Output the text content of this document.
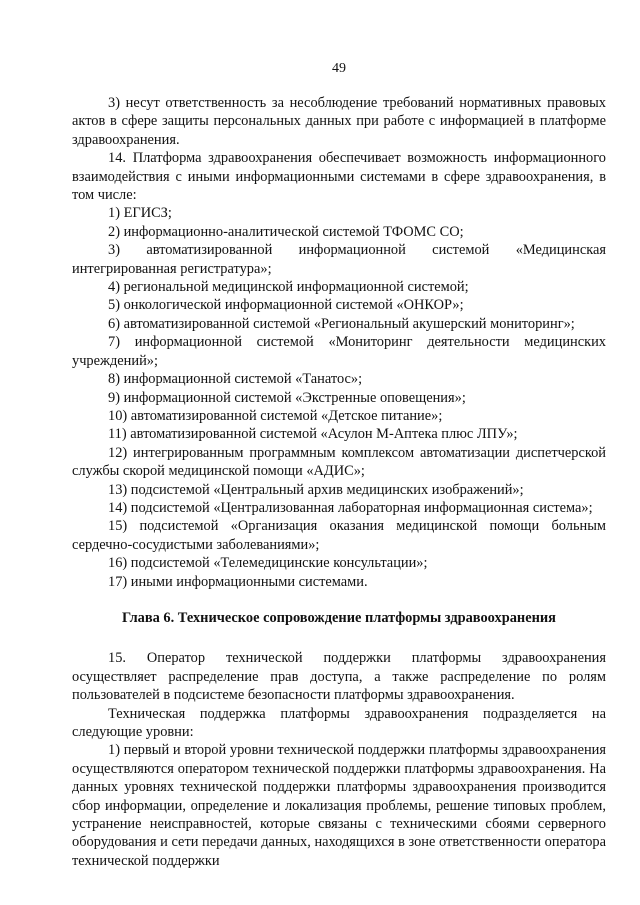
49

3) несут ответственность за несоблюдение требований нормативных правовых актов в сфере защиты персональных данных при работе с информацией в платформе здравоохранения.

14. Платформа здравоохранения обеспечивает возможность информационного взаимодействия с иными информационными системами в сфере здравоохранения, в том числе:

1) ЕГИСЗ;

2) информационно-аналитической системой ТФОМС СО;

3) автоматизированной информационной системой «Медицинская интегрированная регистратура»;

4) региональной медицинской информационной системой;

5) онкологической информационной системой «ОНКОР»;

6) автоматизированной системой «Региональный акушерский мониторинг»;

7) информационной системой «Мониторинг деятельности медицинских учреждений»;

8) информационной системой «Танатос»;

9) информационной системой «Экстренные оповещения»;

10) автоматизированной системой «Детское питание»;

11) автоматизированной системой «Асулон М-Аптека плюс ЛПУ»;

12) интегрированным программным комплексом автоматизации диспетчерской службы скорой медицинской помощи «АДИС»;

13) подсистемой «Центральный архив медицинских изображений»;

14) подсистемой «Централизованная лабораторная информационная система»;

15) подсистемой «Организация оказания медицинской помощи больным сердечно-сосудистыми заболеваниями»;

16) подсистемой «Телемедицинские консультации»;

17) иными информационными системами.

Глава 6. Техническое сопровождение платформы здравоохранения

15. Оператор технической поддержки платформы здравоохранения осуществляет распределение прав доступа, а также распределение по ролям пользователей в подсистеме безопасности платформы здравоохранения.

Техническая поддержка платформы здравоохранения подразделяется на следующие уровни:

1) первый и второй уровни технической поддержки платформы здравоохранения осуществляются оператором технической поддержки платформы здравоохранения. На данных уровнях технической поддержки платформы здравоохранения производится сбор информации, определение и локализация проблемы, решение типовых проблем, устранение неисправностей, которые связаны с техническими сбоями серверного оборудования и сети передачи данных, находящихся в зоне ответственности оператора технической поддержки
